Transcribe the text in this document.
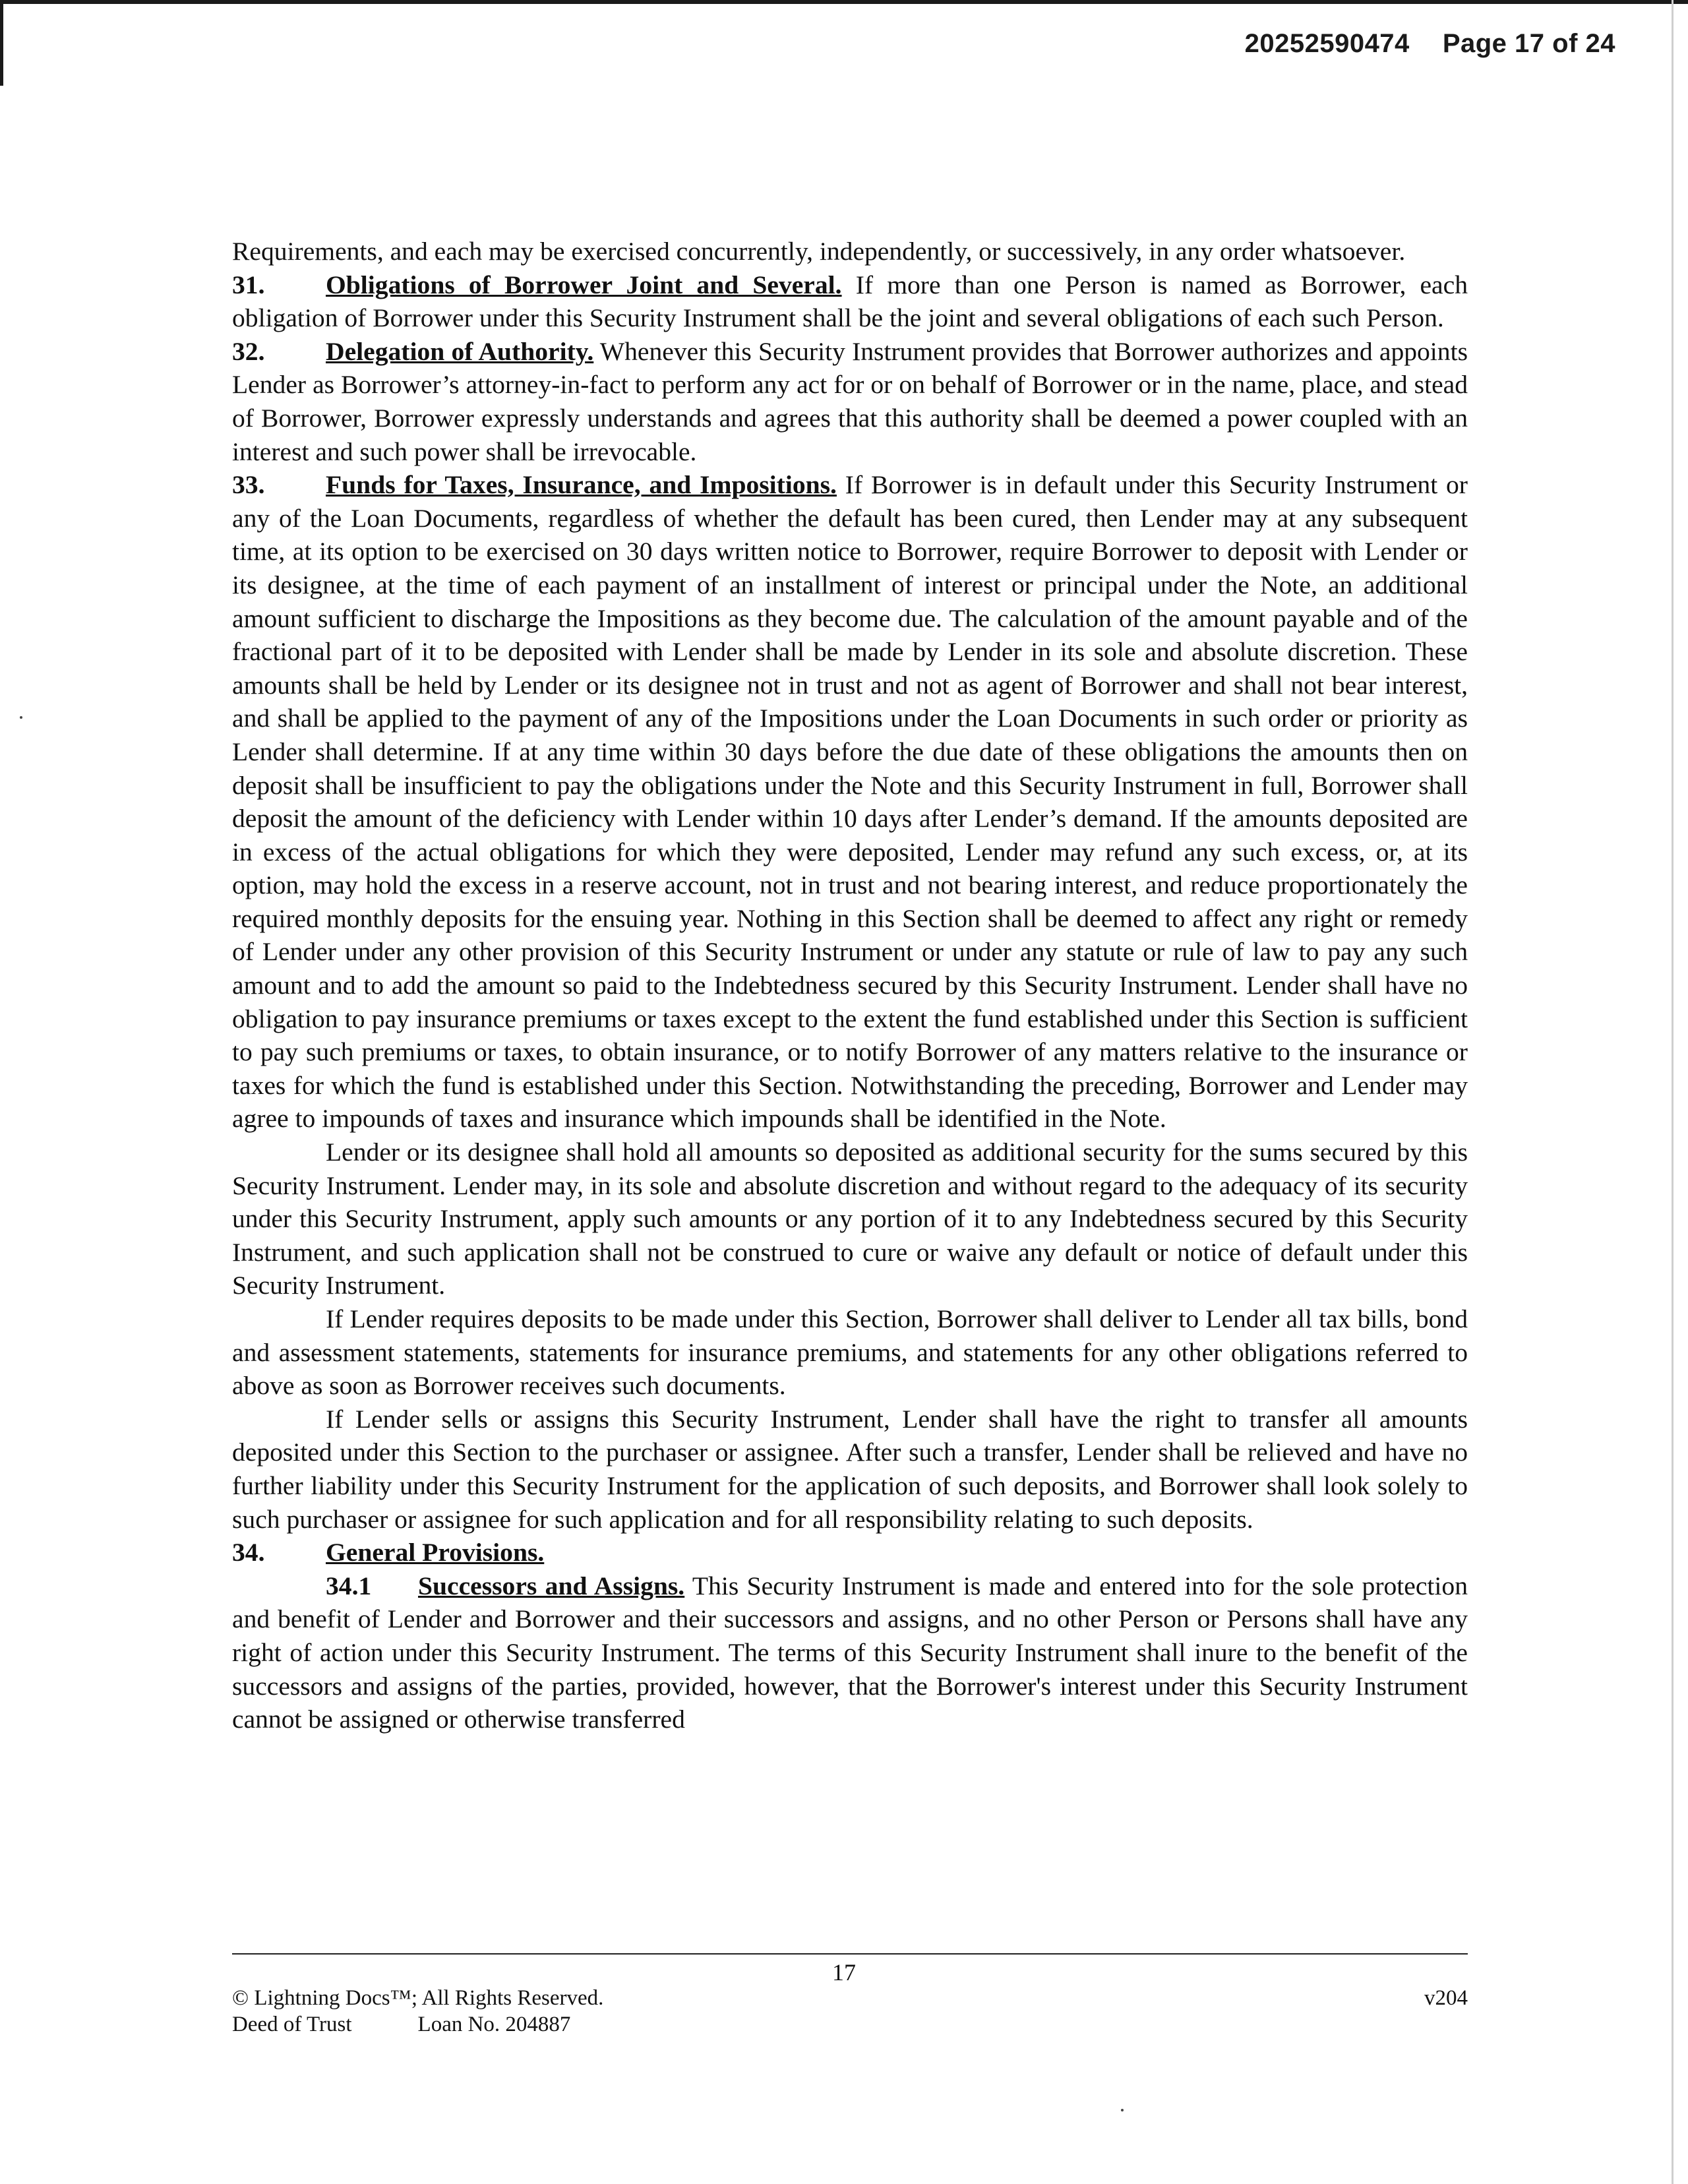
20252590474 Page 17 of 24

Requirements, and each may be exercised concurrently, independently, or successively, in any order whatsoever.

31. Obligations of Borrower Joint and Several. If more than one Person is named as Borrower, each obligation of Borrower under this Security Instrument shall be the joint and several obligations of each such Person.

32. Delegation of Authority. Whenever this Security Instrument provides that Borrower authorizes and appoints Lender as Borrower’s attorney-in-fact to perform any act for or on behalf of Borrower or in the name, place, and stead of Borrower, Borrower expressly understands and agrees that this authority shall be deemed a power coupled with an interest and such power shall be irrevocable.

33. Funds for Taxes, Insurance, and Impositions. If Borrower is in default under this Security Instrument or any of the Loan Documents, regardless of whether the default has been cured, then Lender may at any subsequent time, at its option to be exercised on 30 days written notice to Borrower, require Borrower to deposit with Lender or its designee, at the time of each payment of an installment of interest or principal under the Note, an additional amount sufficient to discharge the Impositions as they become due. The calculation of the amount payable and of the fractional part of it to be deposited with Lender shall be made by Lender in its sole and absolute discretion. These amounts shall be held by Lender or its designee not in trust and not as agent of Borrower and shall not bear interest, and shall be applied to the payment of any of the Impositions under the Loan Documents in such order or priority as Lender shall determine. If at any time within 30 days before the due date of these obligations the amounts then on deposit shall be insufficient to pay the obligations under the Note and this Security Instrument in full, Borrower shall deposit the amount of the deficiency with Lender within 10 days after Lender’s demand. If the amounts deposited are in excess of the actual obligations for which they were deposited, Lender may refund any such excess, or, at its option, may hold the excess in a reserve account, not in trust and not bearing interest, and reduce proportionately the required monthly deposits for the ensuing year. Nothing in this Section shall be deemed to affect any right or remedy of Lender under any other provision of this Security Instrument or under any statute or rule of law to pay any such amount and to add the amount so paid to the Indebtedness secured by this Security Instrument. Lender shall have no obligation to pay insurance premiums or taxes except to the extent the fund established under this Section is sufficient to pay such premiums or taxes, to obtain insurance, or to notify Borrower of any matters relative to the insurance or taxes for which the fund is established under this Section. Notwithstanding the preceding, Borrower and Lender may agree to impounds of taxes and insurance which impounds shall be identified in the Note.

Lender or its designee shall hold all amounts so deposited as additional security for the sums secured by this Security Instrument. Lender may, in its sole and absolute discretion and without regard to the adequacy of its security under this Security Instrument, apply such amounts or any portion of it to any Indebtedness secured by this Security Instrument, and such application shall not be construed to cure or waive any default or notice of default under this Security Instrument.

If Lender requires deposits to be made under this Section, Borrower shall deliver to Lender all tax bills, bond and assessment statements, statements for insurance premiums, and statements for any other obligations referred to above as soon as Borrower receives such documents.

If Lender sells or assigns this Security Instrument, Lender shall have the right to transfer all amounts deposited under this Section to the purchaser or assignee. After such a transfer, Lender shall be relieved and have no further liability under this Security Instrument for the application of such deposits, and Borrower shall look solely to such purchaser or assignee for such application and for all responsibility relating to such deposits.

34. General Provisions.

34.1 Successors and Assigns. This Security Instrument is made and entered into for the sole protection and benefit of Lender and Borrower and their successors and assigns, and no other Person or Persons shall have any right of action under this Security Instrument. The terms of this Security Instrument shall inure to the benefit of the successors and assigns of the parties, provided, however, that the Borrower's interest under this Security Instrument cannot be assigned or otherwise transferred

17
© Lightning Docs™; All Rights Reserved.
Deed of Trust	Loan No. 204887
v204
